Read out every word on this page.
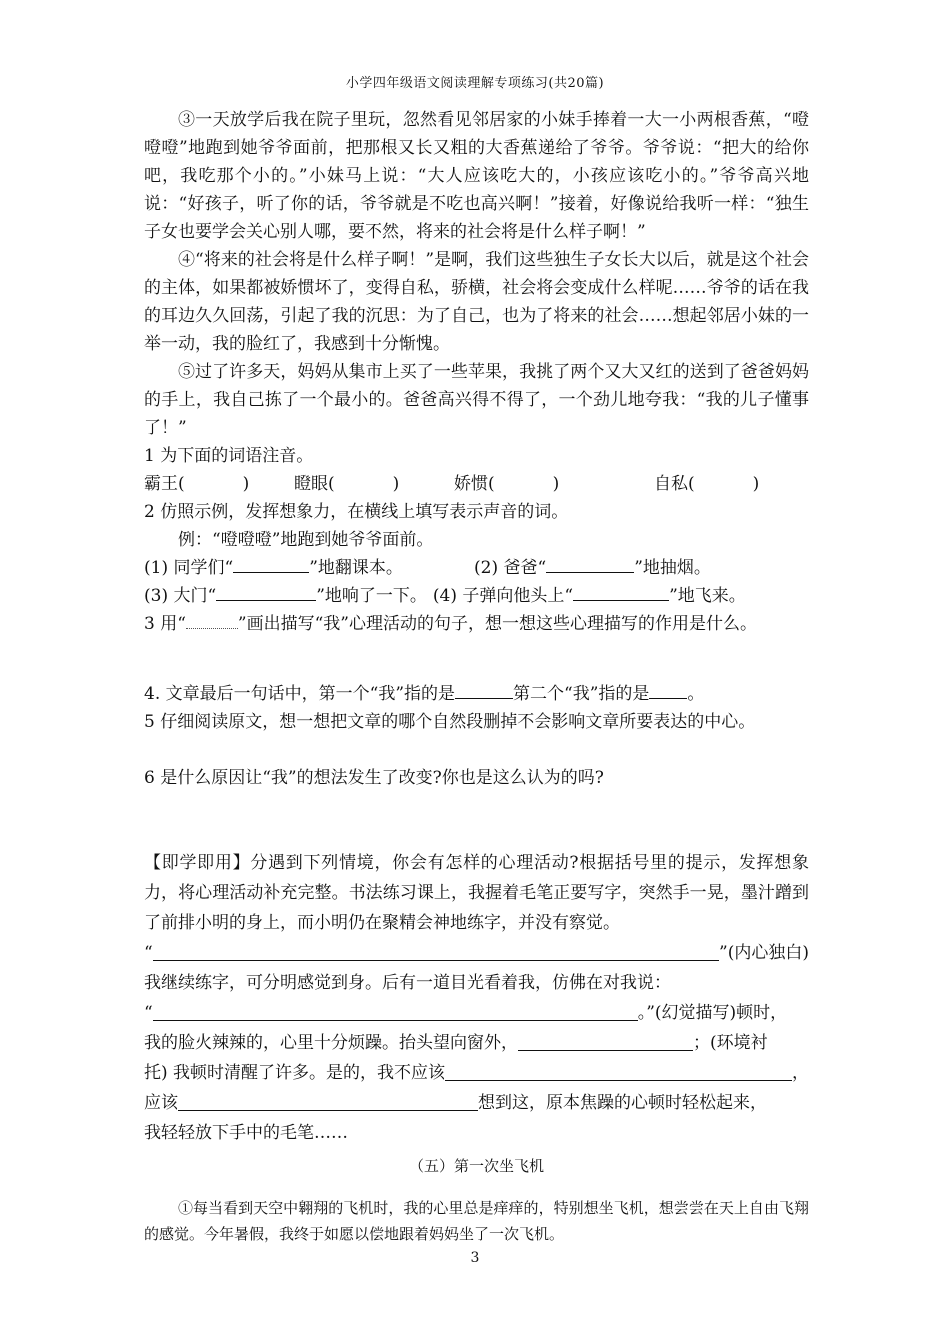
小学四年级语文阅读理解专项练习(共20篇)

③一天放学后我在院子里玩，忽然看见邻居家的小妹手捧着一大一小两根香蕉，“噔噔噔”地跑到她爷爷面前，把那根又长又粗的大香蕉递给了爷爷。爷爷说：“把大的给你吧，我吃那个小的。”小妹马上说：“大人应该吃大的，小孩应该吃小的。”爷爷高兴地说：“好孩子，听了你的话，爷爷就是不吃也高兴啊！”接着，好像说给我听一样：“独生子女也要学会关心别人哪，要不然，将来的社会将是什么样子啊！”

④“将来的社会将是什么样子啊！”是啊，我们这些独生子女长大以后，就是这个社会的主体，如果都被娇惯坏了，变得自私，骄横，社会将会变成什么样呢……爷爷的话在我的耳边久久回荡，引起了我的沉思：为了自己，也为了将来的社会……想起邻居小妹的一举一动，我的脸红了，我感到十分惭愧。

⑤过了许多天，妈妈从集市上买了一些苹果，我挑了两个又大又红的送到了爸爸妈妈的手上，我自己拣了一个最小的。爸爸高兴得不得了，一个劲儿地夸我：“我的儿子懂事了！”

1 为下面的词语注音。

霸王(	)	瞪眼(	)	娇惯(	)	自私(	)

2 仿照示例，发挥想象力，在横线上填写表示声音的词。

例：“噔噔噔”地跑到她爷爷面前。

(1) 同学们“	”地翻课本。	(2) 爸爸“	”地抽烟。
(3) 大门“	”地响了一下。 (4) 子弹向他头上“	”地飞来。

3 用“	”画出描写“我”心理活动的句子，想一想这些心理描写的作用是什么。

4. 文章最后一句话中，第一个“我”指的是	第二个“我”指的是 。

5 仔细阅读原文，想一想把文章的哪个自然段删掉不会影响文章所要表达的中心。

6 是什么原因让“我”的想法发生了改变?你也是这么认为的吗?

【即学即用】分遇到下列情境，你会有怎样的心理活动?根据括号里的提示，发挥想象力，将心理活动补充完整。书法练习课上，我握着毛笔正要写字，突然手一晃，墨汁蹭到了前排小明的身上，而小明仍在聚精会神地练字，并没有察觉。

“	”(内心独白)

我继续练字，可分明感觉到身。后有一道目光看着我，仿佛在对我说：

“	。”(幻觉描写) 顿时，
我的脸火辣辣的，心里十分烦躁。抬头望向窗外，	；(环境衬
托) 我顿时清醒了许多。是的，我不应该	，
应该	想到这，原本焦躁的心顿时轻松起来，

我轻轻放下手中的毛笔……

（五）第一次坐飞机

①每当看到天空中翱翔的飞机时，我的心里总是痒痒的，特别想坐飞机，想尝尝在天上自由飞翔的感觉。今年暑假，我终于如愿以偿地跟着妈妈坐了一次飞机。

3
